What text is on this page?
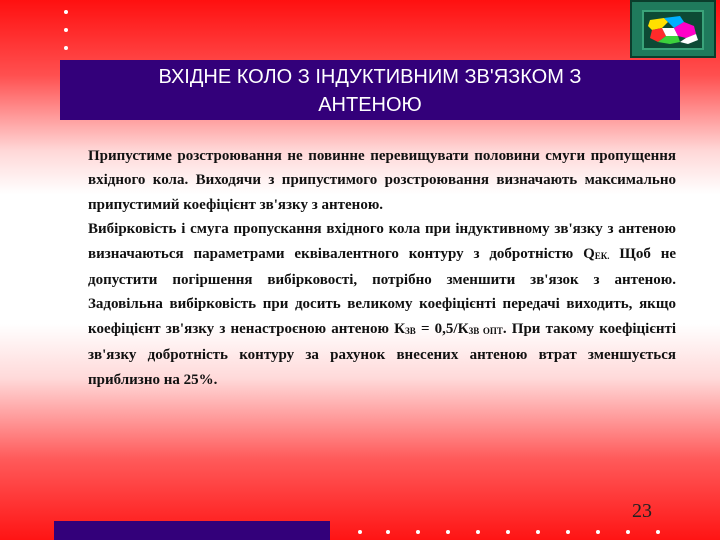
ВХІДНЕ КОЛО З ІНДУКТИВНИМ ЗВ'ЯЗКОМ З
АНТЕНОЮ

Припустиме розстроювання не повинне перевищувати половини смуги пропущення вхідного кола. Виходячи з припустимого розстроювання визначають максимально припустимий коефіцієнт зв'язку з антеною.

Вибірковість і смуга пропускання вхідного кола при індуктивному зв'язку з антеною визначаються параметрами еквівалентного контуру з добротністю QЕК. Щоб не допустити погіршення вибірковості, потрібно зменшити зв'язок з антеною. Задовільна вибірковість при досить великому коефіцієнті передачі виходить, якщо коефіцієнт зв'язку з ненастроєною антеною КЗВ = 0,5/КЗВ ОПТ. При такому коефіцієнті зв'язку добротність контуру за рахунок внесених антеною втрат зменшується приблизно на 25%.

23
